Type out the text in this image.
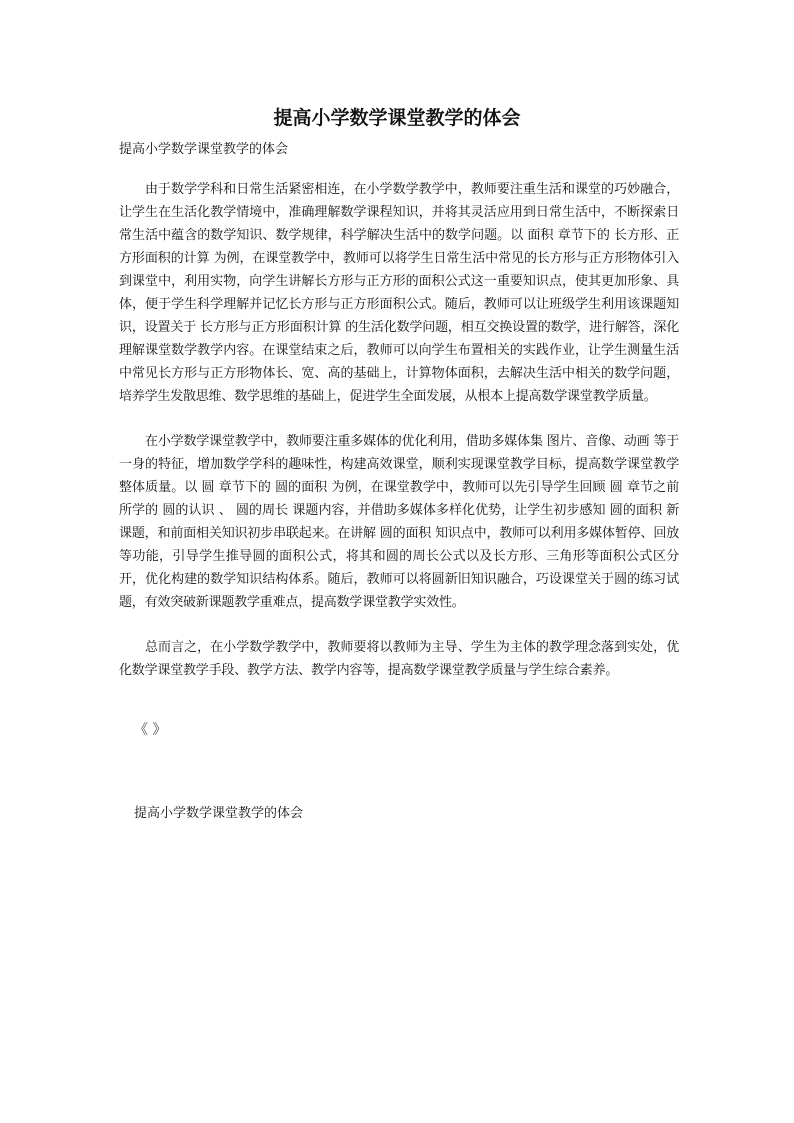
提高小学数学课堂教学的体会

提高小学数学课堂教学的体会

由于数学学科和日常生活紧密相连，在小学数学教学中，教师要注重生活和课堂的巧妙融合，让学生在生活化教学情境中，准确理解数学课程知识，并将其灵活应用到日常生活中，不断探索日常生活中蕴含的数学知识、数学规律，科学解决生活中的数学问题。以 面积 章节下的 长方形、正方形面积的计算 为例，在课堂教学中，教师可以将学生日常生活中常见的长方形与正方形物体引入到课堂中，利用实物，向学生讲解长方形与正方形的面积公式这一重要知识点，使其更加形象、具体，便于学生科学理解并记忆长方形与正方形面积公式。随后，教师可以让班级学生利用该课题知识，设置关于 长方形与正方形面积计算 的生活化数学问题，相互交换设置的数学，进行解答，深化理解课堂数学教学内容。在课堂结束之后，教师可以向学生布置相关的实践作业，让学生测量生活中常见长方形与正方形物体长、宽、高的基础上，计算物体面积，去解决生活中相关的数学问题，培养学生发散思维、数学思维的基础上，促进学生全面发展，从根本上提高数学课堂教学质量。

在小学数学课堂教学中，教师要注重多媒体的优化利用，借助多媒体集 图片、音像、动画 等于一身的特征，增加数学学科的趣味性，构建高效课堂，顺利实现课堂教学目标，提高数学课堂教学整体质量。以 圆 章节下的 圆的面积 为例，在课堂教学中，教师可以先引导学生回顾 圆 章节之前所学的 圆的认识 、 圆的周长 课题内容，并借助多媒体多样化优势，让学生初步感知 圆的面积 新课题，和前面相关知识初步串联起来。在讲解 圆的面积 知识点中，教师可以利用多媒体暂停、回放等功能，引导学生推导圆的面积公式，将其和圆的周长公式以及长方形、三角形等面积公式区分开，优化构建的数学知识结构体系。随后，教师可以将圆新旧知识融合，巧设课堂关于圆的练习试题，有效突破新课题教学重难点，提高数学课堂教学实效性。

总而言之，在小学数学教学中，教师要将以教师为主导、学生为主体的教学理念落到实处，优化数学课堂教学手段、教学方法、教学内容等，提高数学课堂教学质量与学生综合素养。

《 》

提高小学数学课堂教学的体会
